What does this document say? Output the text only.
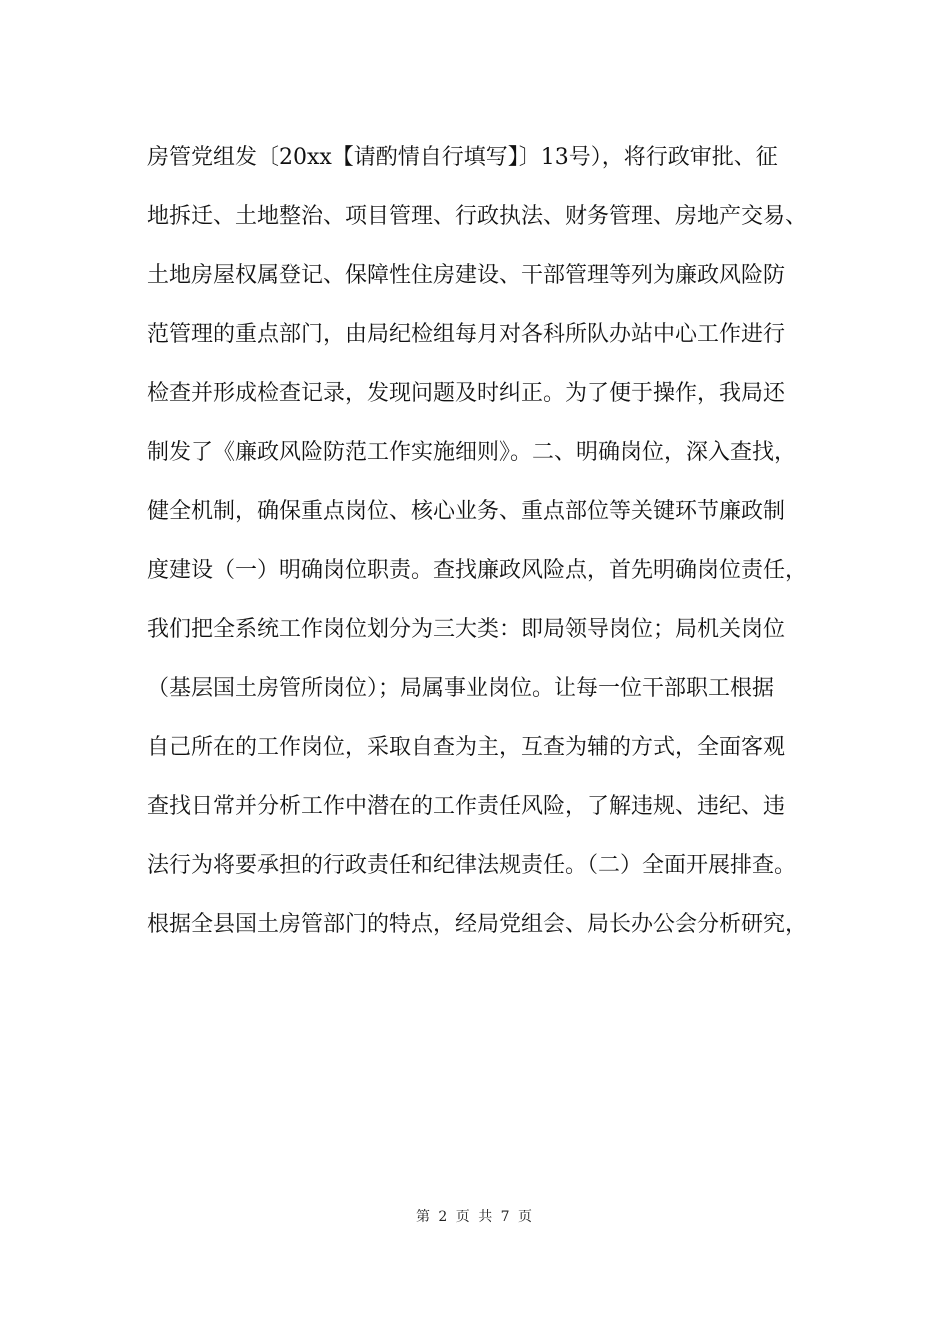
房管党组发〔20xx【请酌情自行填写】〕13号），将行政审批、征
地拆迁、土地整治、项目管理、行政执法、财务管理、房地产交易、
土地房屋权属登记、保障性住房建设、干部管理等列为廉政风险防
范管理的重点部门，由局纪检组每月对各科所队办站中心工作进行
检查并形成检查记录，发现问题及时纠正。为了便于操作，我局还
制发了《廉政风险防范工作实施细则》。二、明确岗位，深入查找，
健全机制，确保重点岗位、核心业务、重点部位等关键环节廉政制
度建设（一）明确岗位职责。查找廉政风险点，首先明确岗位责任，
我们把全系统工作岗位划分为三大类：即局领导岗位；局机关岗位
（基层国土房管所岗位）；局属事业岗位。让每一位干部职工根据
自己所在的工作岗位，采取自查为主，互查为辅的方式，全面客观
查找日常并分析工作中潜在的工作责任风险，了解违规、违纪、违
法行为将要承担的行政责任和纪律法规责任。（二）全面开展排查。
根据全县国土房管部门的特点，经局党组会、局长办公会分析研究，
第 2 页 共 7 页
